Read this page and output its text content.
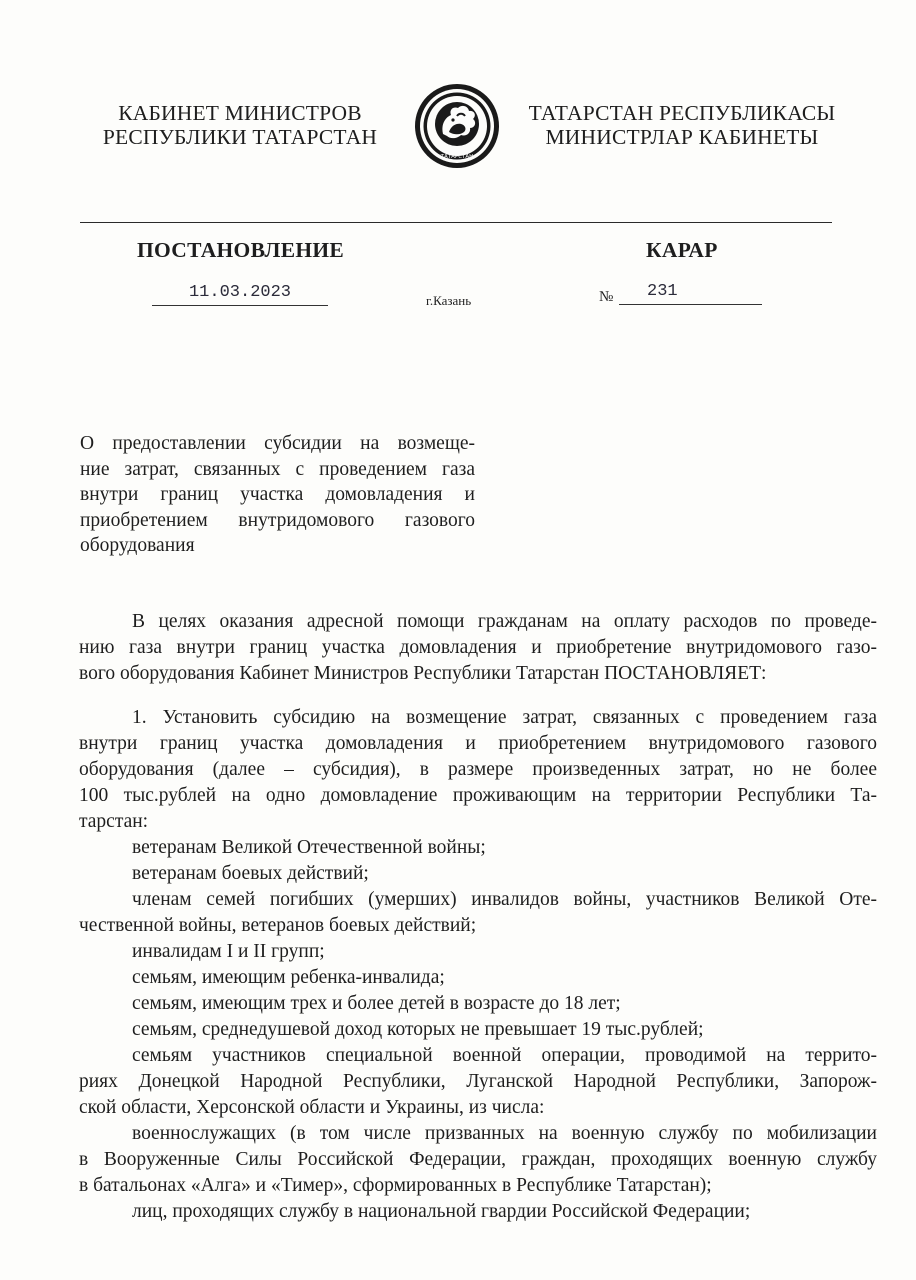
КАБИНЕТ МИНИСТРОВ
РЕСПУБЛИКИ ТАТАРСТАН
ТАТАРСТАН
ТАТАРСТАН РЕСПУБЛИКАСЫ
МИНИСТРЛАР КАБИНЕТЫ
ПОСТАНОВЛЕНИЕ	КАРАР
11.03.2023	г.Казань	№	231
О предоставлении субсидии на возмеще-
ние затрат, связанных с проведением газа
внутри границ участка домовладения и
приобретением внутридомового газового
оборудования
В целях оказания адресной помощи гражданам на оплату расходов по проведе-
нию газа внутри границ участка домовладения и приобретение внутридомового газо-
вого оборудования Кабинет Министров Республики Татарстан ПОСТАНОВЛЯЕТ:
1. Установить субсидию на возмещение затрат, связанных с проведением газа
внутри границ участка домовладения и приобретением внутридомового газового
оборудования (далее – субсидия), в размере произведенных затрат, но не более
100 тыс.рублей на одно домовладение проживающим на территории Республики Та-
тарстан:
ветеранам Великой Отечественной войны;
ветеранам боевых действий;
членам семей погибших (умерших) инвалидов войны, участников Великой Оте-
чественной войны, ветеранов боевых действий;
инвалидам I и II групп;
семьям, имеющим ребенка-инвалида;
семьям, имеющим трех и более детей в возрасте до 18 лет;
семьям, среднедушевой доход которых не превышает 19 тыс.рублей;
семьям участников специальной военной операции, проводимой на террито-
риях Донецкой Народной Республики, Луганской Народной Республики, Запорож-
ской области, Херсонской области и Украины, из числа:
военнослужащих (в том числе призванных на военную службу по мобилизации
в Вооруженные Силы Российской Федерации, граждан, проходящих военную службу
в батальонах «Алга» и «Тимер», сформированных в Республике Татарстан);
лиц, проходящих службу в национальной гвардии Российской Федерации;
